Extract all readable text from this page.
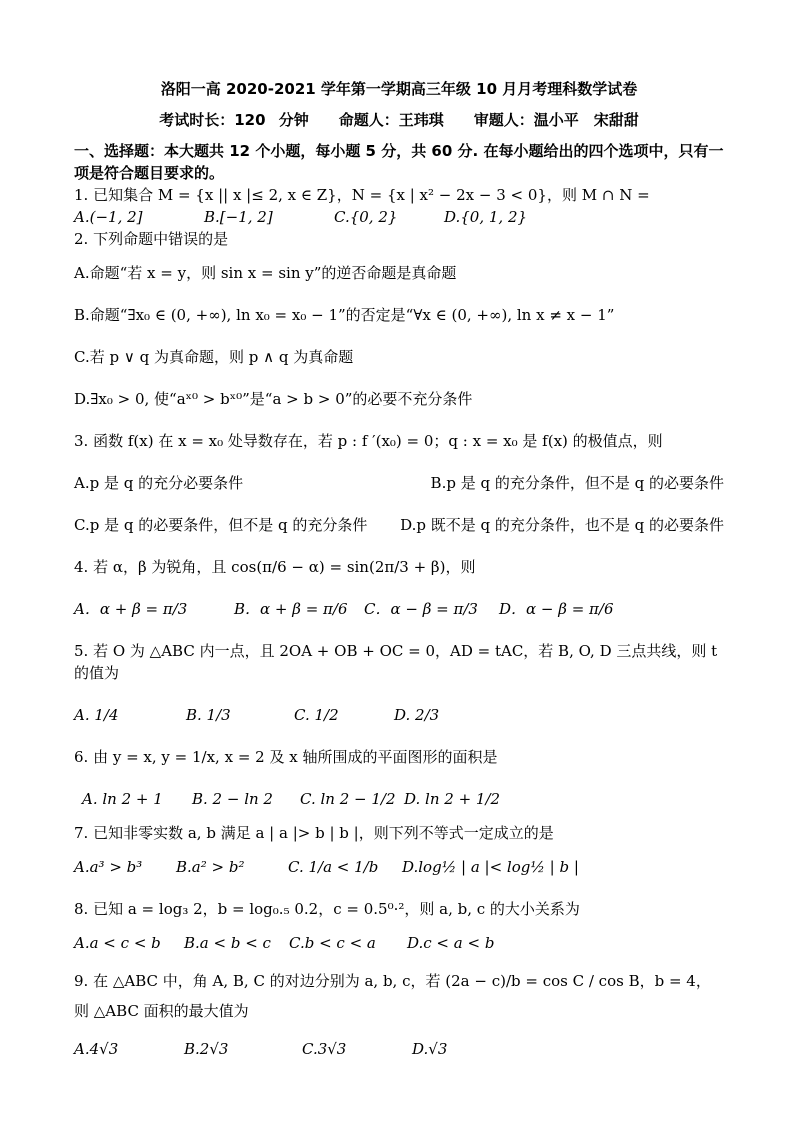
洛阳一高 2020-2021 学年第一学期高三年级 10 月月考理科数学试卷
考试时长：120 分钟　　命题人：王玮琪　　审题人：温小平　宋甜甜
一、选择题：本大题共 12 个小题，每小题 5 分，共 60 分. 在每小题给出的四个选项中，只有一项是符合题目要求的。
1. 已知集合 M = {x || x |≤ 2, x ∈ Z}，N = {x | x² − 2x − 3 < 0}，则 M ∩ N =
A.(−1, 2]	B.[−1, 2]	C.{0, 2}	D.{0, 1, 2}
2. 下列命题中错误的是
A.命题“若 x = y，则 sin x = sin y”的逆否命题是真命题
B.命题“∃x₀ ∈ (0, +∞), ln x₀ = x₀ − 1”的否定是“∀x ∈ (0, +∞), ln x ≠ x − 1”
C.若 p ∨ q 为真命题，则 p ∧ q 为真命题
D.∃x₀ > 0, 使“aˣ⁰ > bˣ⁰”是“a > b > 0”的必要不充分条件
3. 函数 f(x) 在 x = x₀ 处导数存在，若 p : f ′(x₀) = 0；q : x = x₀ 是 f(x) 的极值点，则
A.p 是 q 的充分必要条件	B.p 是 q 的充分条件，但不是 q 的必要条件
C.p 是 q 的必要条件，但不是 q 的充分条件 D.p 既不是 q 的充分条件，也不是 q 的必要条件
4. 若 α，β 为锐角，且 cos(π/6 − α) = sin(2π/3 + β)，则
A．α + β = π/3	B．α + β = π/6	C．α − β = π/3	D．α − β = π/6
5. 若 O 为 △ABC 内一点，且 2OA + OB + OC = 0，AD = tAC，若 B, O, D 三点共线，则 t 的值为
A. 1/4	B. 1/3	C. 1/2	D. 2/3
6. 由 y = x, y = 1/x, x = 2 及 x 轴所围成的平面图形的面积是
A. ln 2 + 1	B. 2 − ln 2	C. ln 2 − 1/2 D. ln 2 + 1/2
7. 已知非零实数 a, b 满足 a | a |> b | b |，则下列不等式一定成立的是
A.a³ > b³	B.a² > b²	C. 1/a < 1/b	D.log½ | a |< log½ | b |
8. 已知 a = log₃ 2，b = log₀.₅ 0.2，c = 0.5⁰·²，则 a, b, c 的大小关系为
A.a < c < b	B.a < b < c	C.b < c < a	D.c < a < b
9. 在 △ABC 中，角 A, B, C 的对边分别为 a, b, c，若 (2a − c)/b = cos C / cos B，b = 4，则 △ABC 面积的最大值为
A.4√3	B.2√3	C.3√3	D.√3
